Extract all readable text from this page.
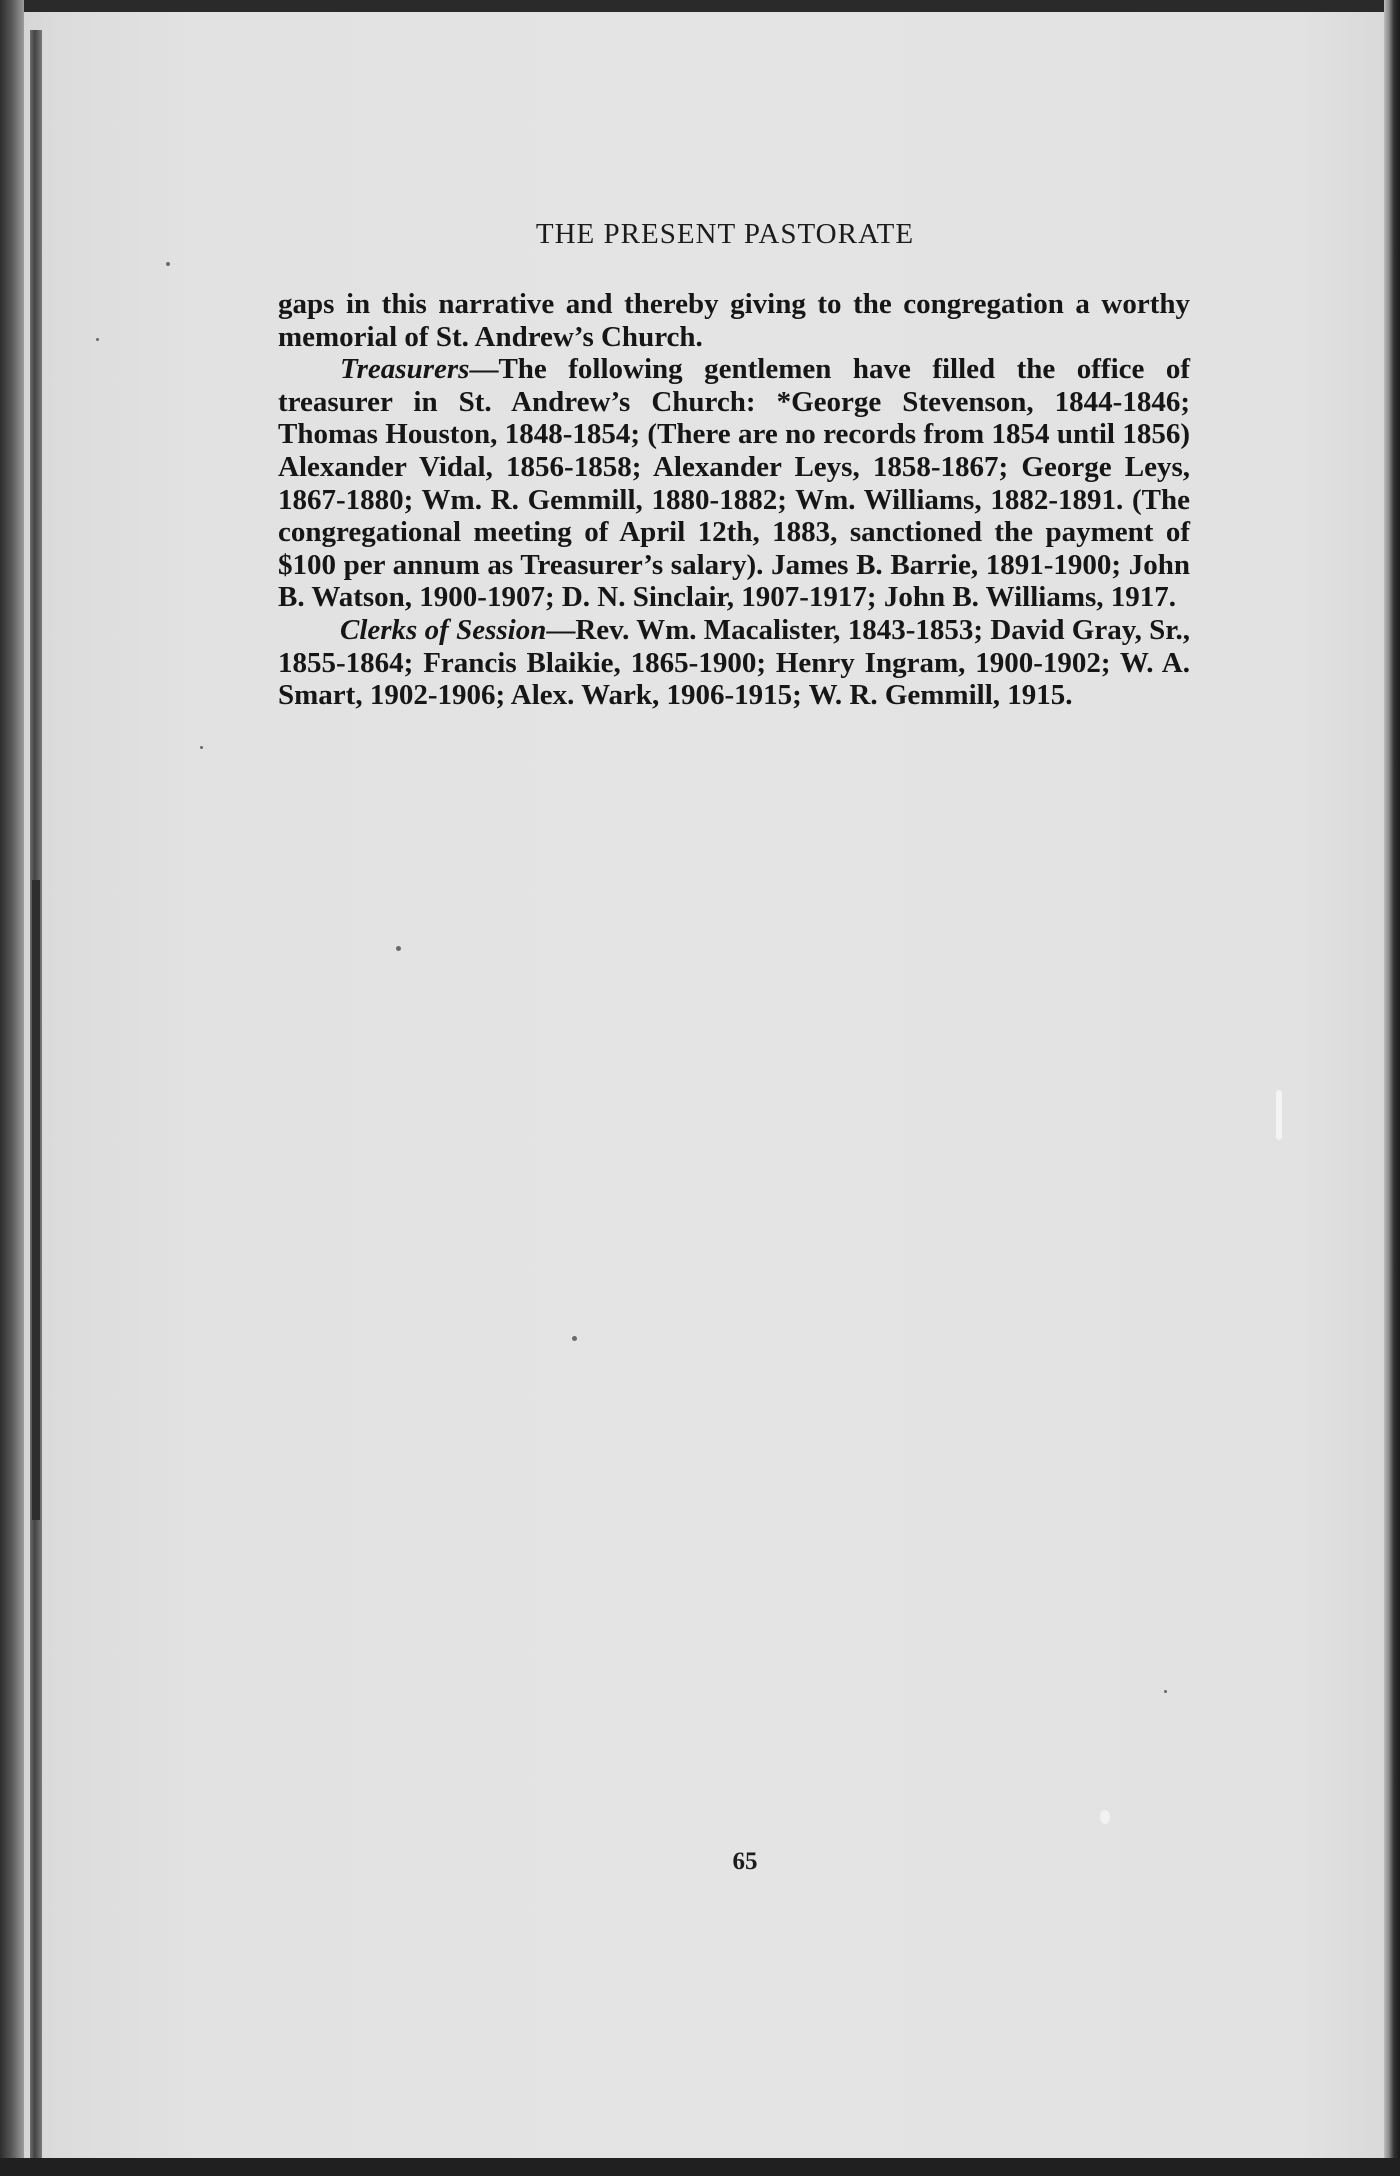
THE PRESENT PASTORATE

gaps in this narrative and thereby giving to the congregation a worthy memorial of St. Andrew’s Church.

Treasurers—The following gentlemen have filled the office of treasurer in St. Andrew’s Church: *George Stevenson, 1844-1846; Thomas Houston, 1848-1854; (There are no records from 1854 until 1856) Alexander Vidal, 1856-1858; Alexander Leys, 1858-1867; George Leys, 1867-1880; Wm. R. Gemmill, 1880-1882; Wm. Williams, 1882-1891. (The congregational meeting of April 12th, 1883, sanctioned the payment of $100 per annum as Treasurer’s salary). James B. Barrie, 1891-1900; John B. Watson, 1900-1907; D. N. Sinclair, 1907-1917; John B. Williams, 1917.

Clerks of Session—Rev. Wm. Macalister, 1843-1853; David Gray, Sr., 1855-1864; Francis Blaikie, 1865-1900; Henry Ingram, 1900-1902; W. A. Smart, 1902-1906; Alex. Wark, 1906-1915; W. R. Gemmill, 1915.

65
